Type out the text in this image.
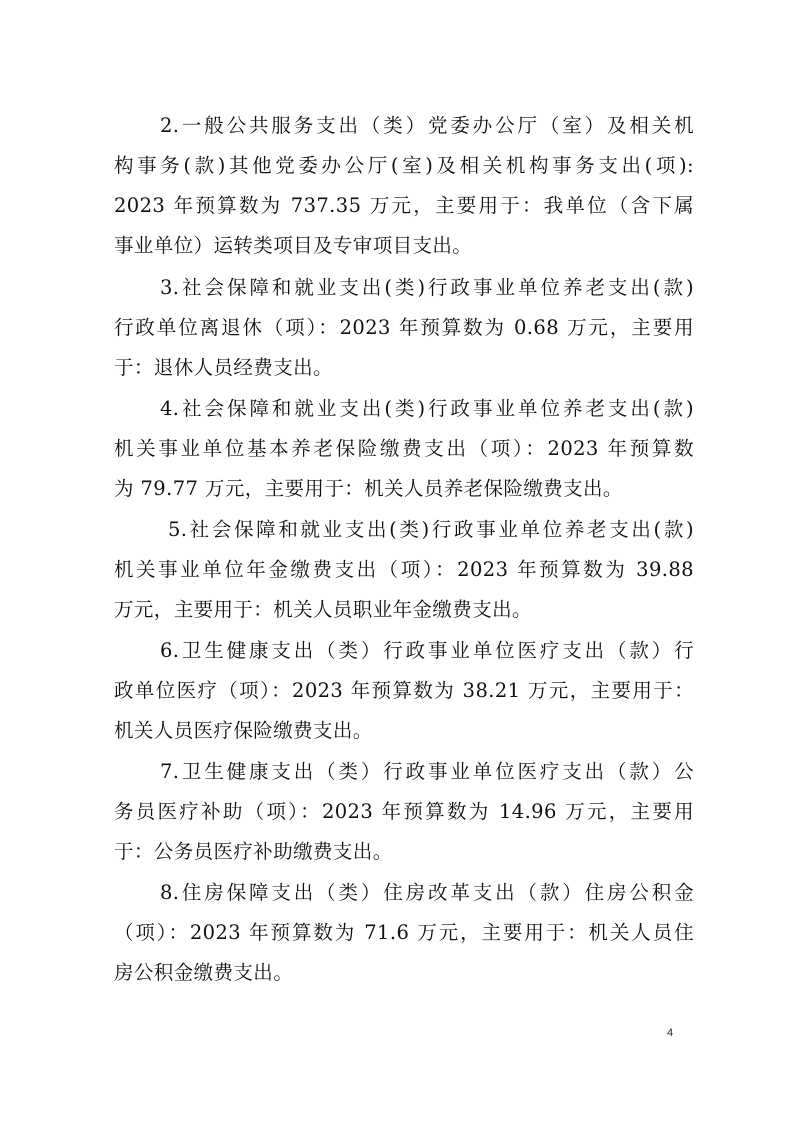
2.一般公共服务支出（类）党委办公厅（室）及相关机
构事务(款)其他党委办公厅(室)及相关机构事务支出(项):
2023 年预算数为 737.35 万元，主要用于：我单位（含下属
事业单位）运转类项目及专审项目支出。
3.社会保障和就业支出(类)行政事业单位养老支出(款)
行政单位离退休（项）：2023 年预算数为 0.68 万元，主要用
于：退休人员经费支出。
4.社会保障和就业支出(类)行政事业单位养老支出(款)
机关事业单位基本养老保险缴费支出（项）：2023 年预算数
为 79.77 万元，主要用于：机关人员养老保险缴费支出。
5.社会保障和就业支出(类)行政事业单位养老支出(款)
机关事业单位年金缴费支出（项）：2023 年预算数为 39.88
万元，主要用于：机关人员职业年金缴费支出。
6.卫生健康支出（类）行政事业单位医疗支出（款）行
政单位医疗（项）：2023 年预算数为 38.21 万元，主要用于：
机关人员医疗保险缴费支出。
7.卫生健康支出（类）行政事业单位医疗支出（款）公
务员医疗补助（项）：2023 年预算数为 14.96 万元，主要用
于：公务员医疗补助缴费支出。
8.住房保障支出（类）住房改革支出（款）住房公积金
（项）：2023 年预算数为 71.6 万元，主要用于：机关人员住
房公积金缴费支出。
4
